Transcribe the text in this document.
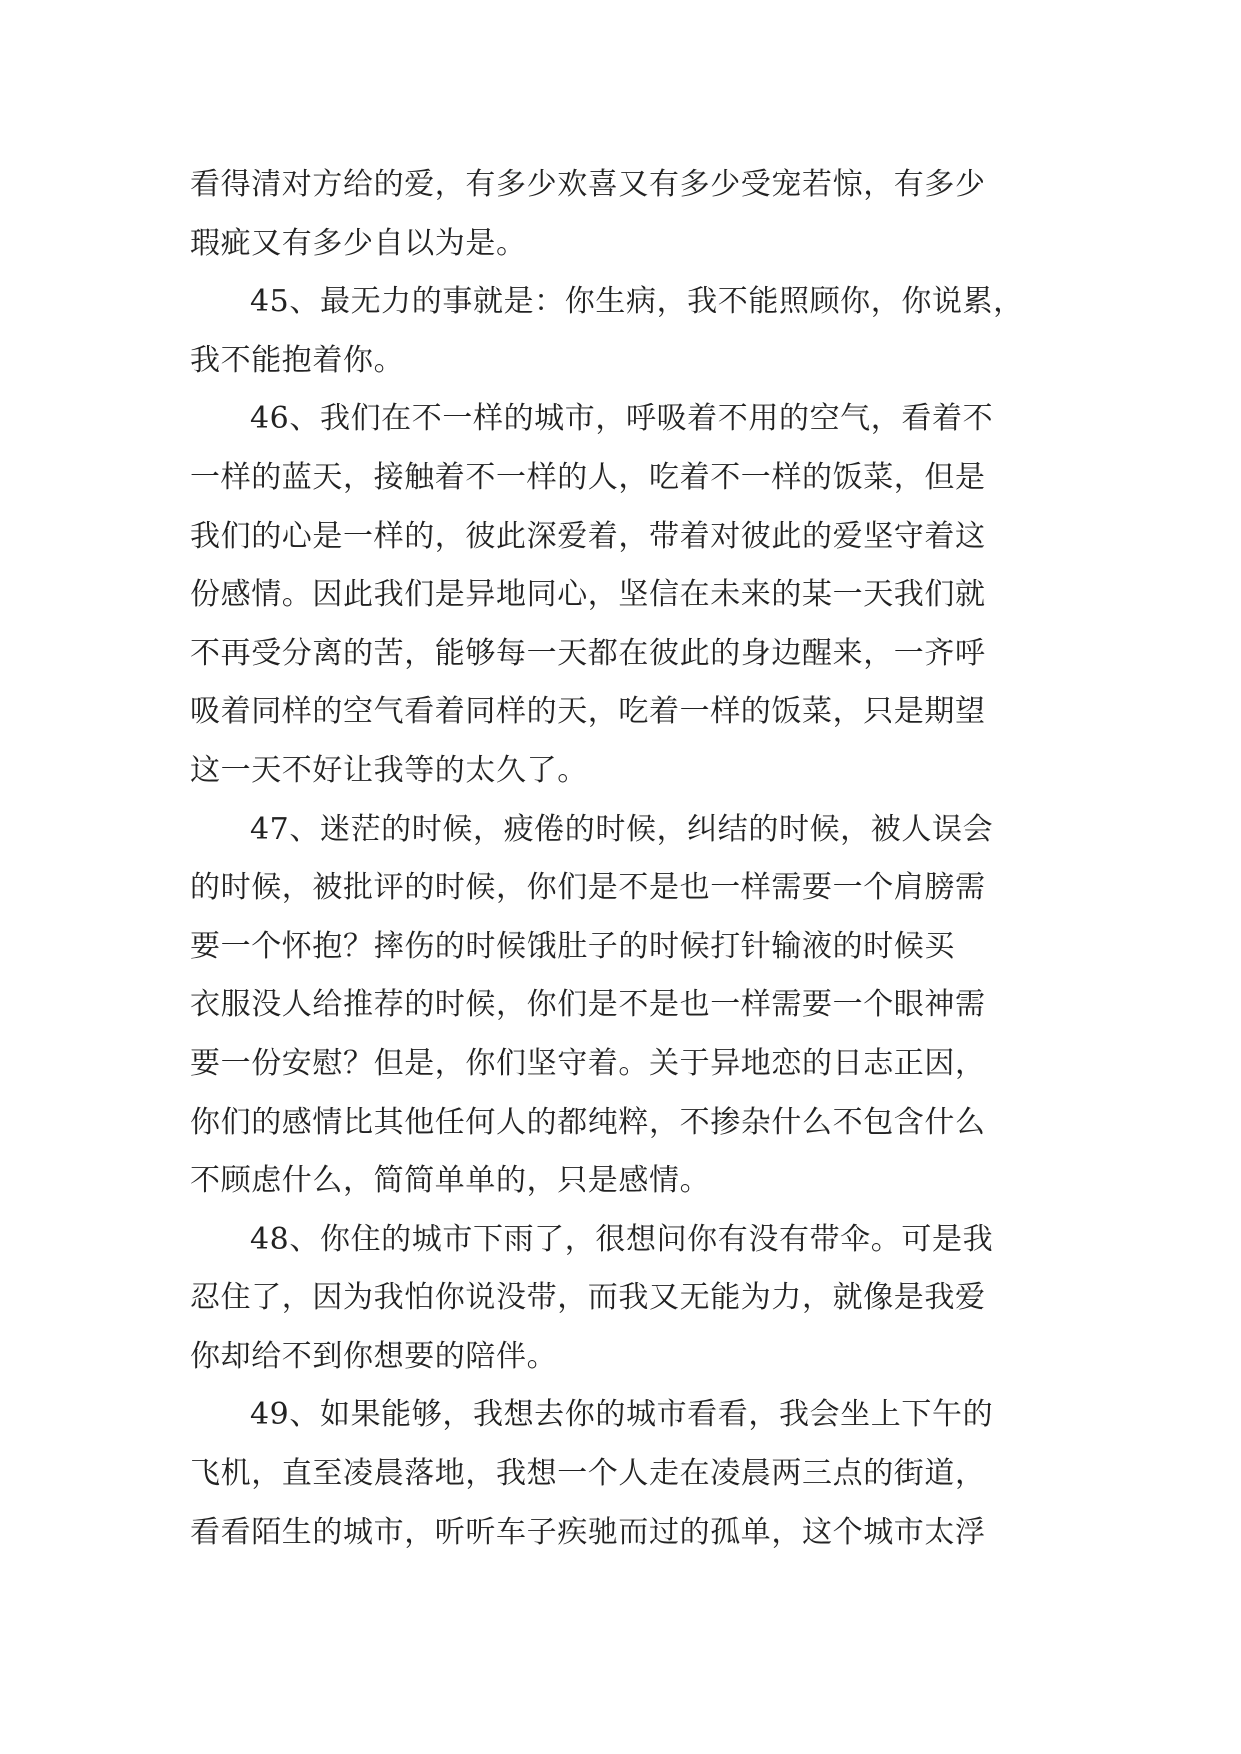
看得清对方给的爱，有多少欢喜又有多少受宠若惊，有多少
瑕疵又有多少自以为是。
45、最无力的事就是：你生病，我不能照顾你，你说累，
我不能抱着你。
46、我们在不一样的城市，呼吸着不用的空气，看着不
一样的蓝天，接触着不一样的人，吃着不一样的饭菜，但是
我们的心是一样的，彼此深爱着，带着对彼此的爱坚守着这
份感情。因此我们是异地同心，坚信在未来的某一天我们就
不再受分离的苦，能够每一天都在彼此的身边醒来，一齐呼
吸着同样的空气看着同样的天，吃着一样的饭菜，只是期望
这一天不好让我等的太久了。
47、迷茫的时候，疲倦的时候，纠结的时候，被人误会
的时候，被批评的时候，你们是不是也一样需要一个肩膀需
要一个怀抱？摔伤的时候饿肚子的时候打针输液的时候买
衣服没人给推荐的时候，你们是不是也一样需要一个眼神需
要一份安慰？但是，你们坚守着。关于异地恋的日志正因，
你们的感情比其他任何人的都纯粹，不掺杂什么不包含什么
不顾虑什么，简简单单的，只是感情。
48、你住的城市下雨了，很想问你有没有带伞。可是我
忍住了，因为我怕你说没带，而我又无能为力，就像是我爱
你却给不到你想要的陪伴。
49、如果能够，我想去你的城市看看，我会坐上下午的
飞机，直至凌晨落地，我想一个人走在凌晨两三点的街道，
看看陌生的城市，听听车子疾驰而过的孤单，这个城市太浮
